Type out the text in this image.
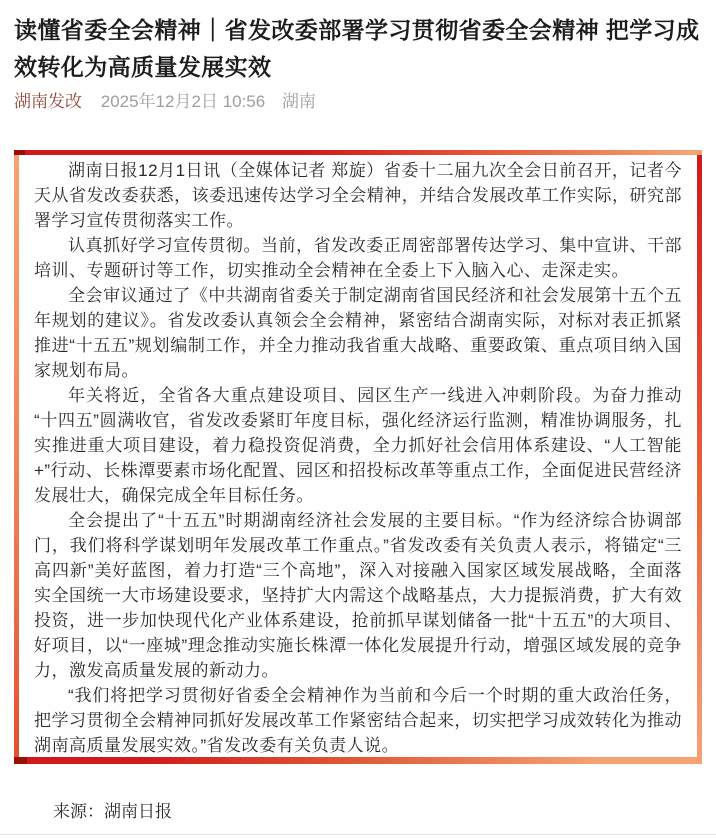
读懂省委全会精神｜省发改委部署学习贯彻省委全会精神 把学习成效转化为高质量发展实效
湖南发改 2025年12月2日 10:56 湖南

湖南日报12月1日讯（全媒体记者 郑旋）省委十二届九次全会日前召开，记者今天从省发改委获悉，该委迅速传达学习全会精神，并结合发展改革工作实际，研究部署学习宣传贯彻落实工作。

认真抓好学习宣传贯彻。当前，省发改委正周密部署传达学习、集中宣讲、干部培训、专题研讨等工作，切实推动全会精神在全委上下入脑入心、走深走实。

全会审议通过了《中共湖南省委关于制定湖南省国民经济和社会发展第十五个五年规划的建议》。省发改委认真领会全会精神，紧密结合湖南实际，对标对表正抓紧推进“十五五”规划编制工作，并全力推动我省重大战略、重要政策、重点项目纳入国家规划布局。

年关将近，全省各大重点建设项目、园区生产一线进入冲刺阶段。为奋力推动“十四五”圆满收官，省发改委紧盯年度目标，强化经济运行监测，精准协调服务，扎实推进重大项目建设，着力稳投资促消费，全力抓好社会信用体系建设、“人工智能+”行动、长株潭要素市场化配置、园区和招投标改革等重点工作，全面促进民营经济发展壮大，确保完成全年目标任务。

全会提出了“十五五”时期湖南经济社会发展的主要目标。“作为经济综合协调部门，我们将科学谋划明年发展改革工作重点。”省发改委有关负责人表示，将锚定“三高四新”美好蓝图，着力打造“三个高地”，深入对接融入国家区域发展战略，全面落实全国统一大市场建设要求，坚持扩大内需这个战略基点，大力提振消费，扩大有效投资，进一步加快现代化产业体系建设，抢前抓早谋划储备一批“十五五”的大项目、好项目，以“一座城”理念推动实施长株潭一体化发展提升行动，增强区域发展的竞争力，激发高质量发展的新动力。

“我们将把学习贯彻好省委全会精神作为当前和今后一个时期的重大政治任务，把学习贯彻全会精神同抓好发展改革工作紧密结合起来，切实把学习成效转化为推动湖南高质量发展实效。”省发改委有关负责人说。

来源：湖南日报
